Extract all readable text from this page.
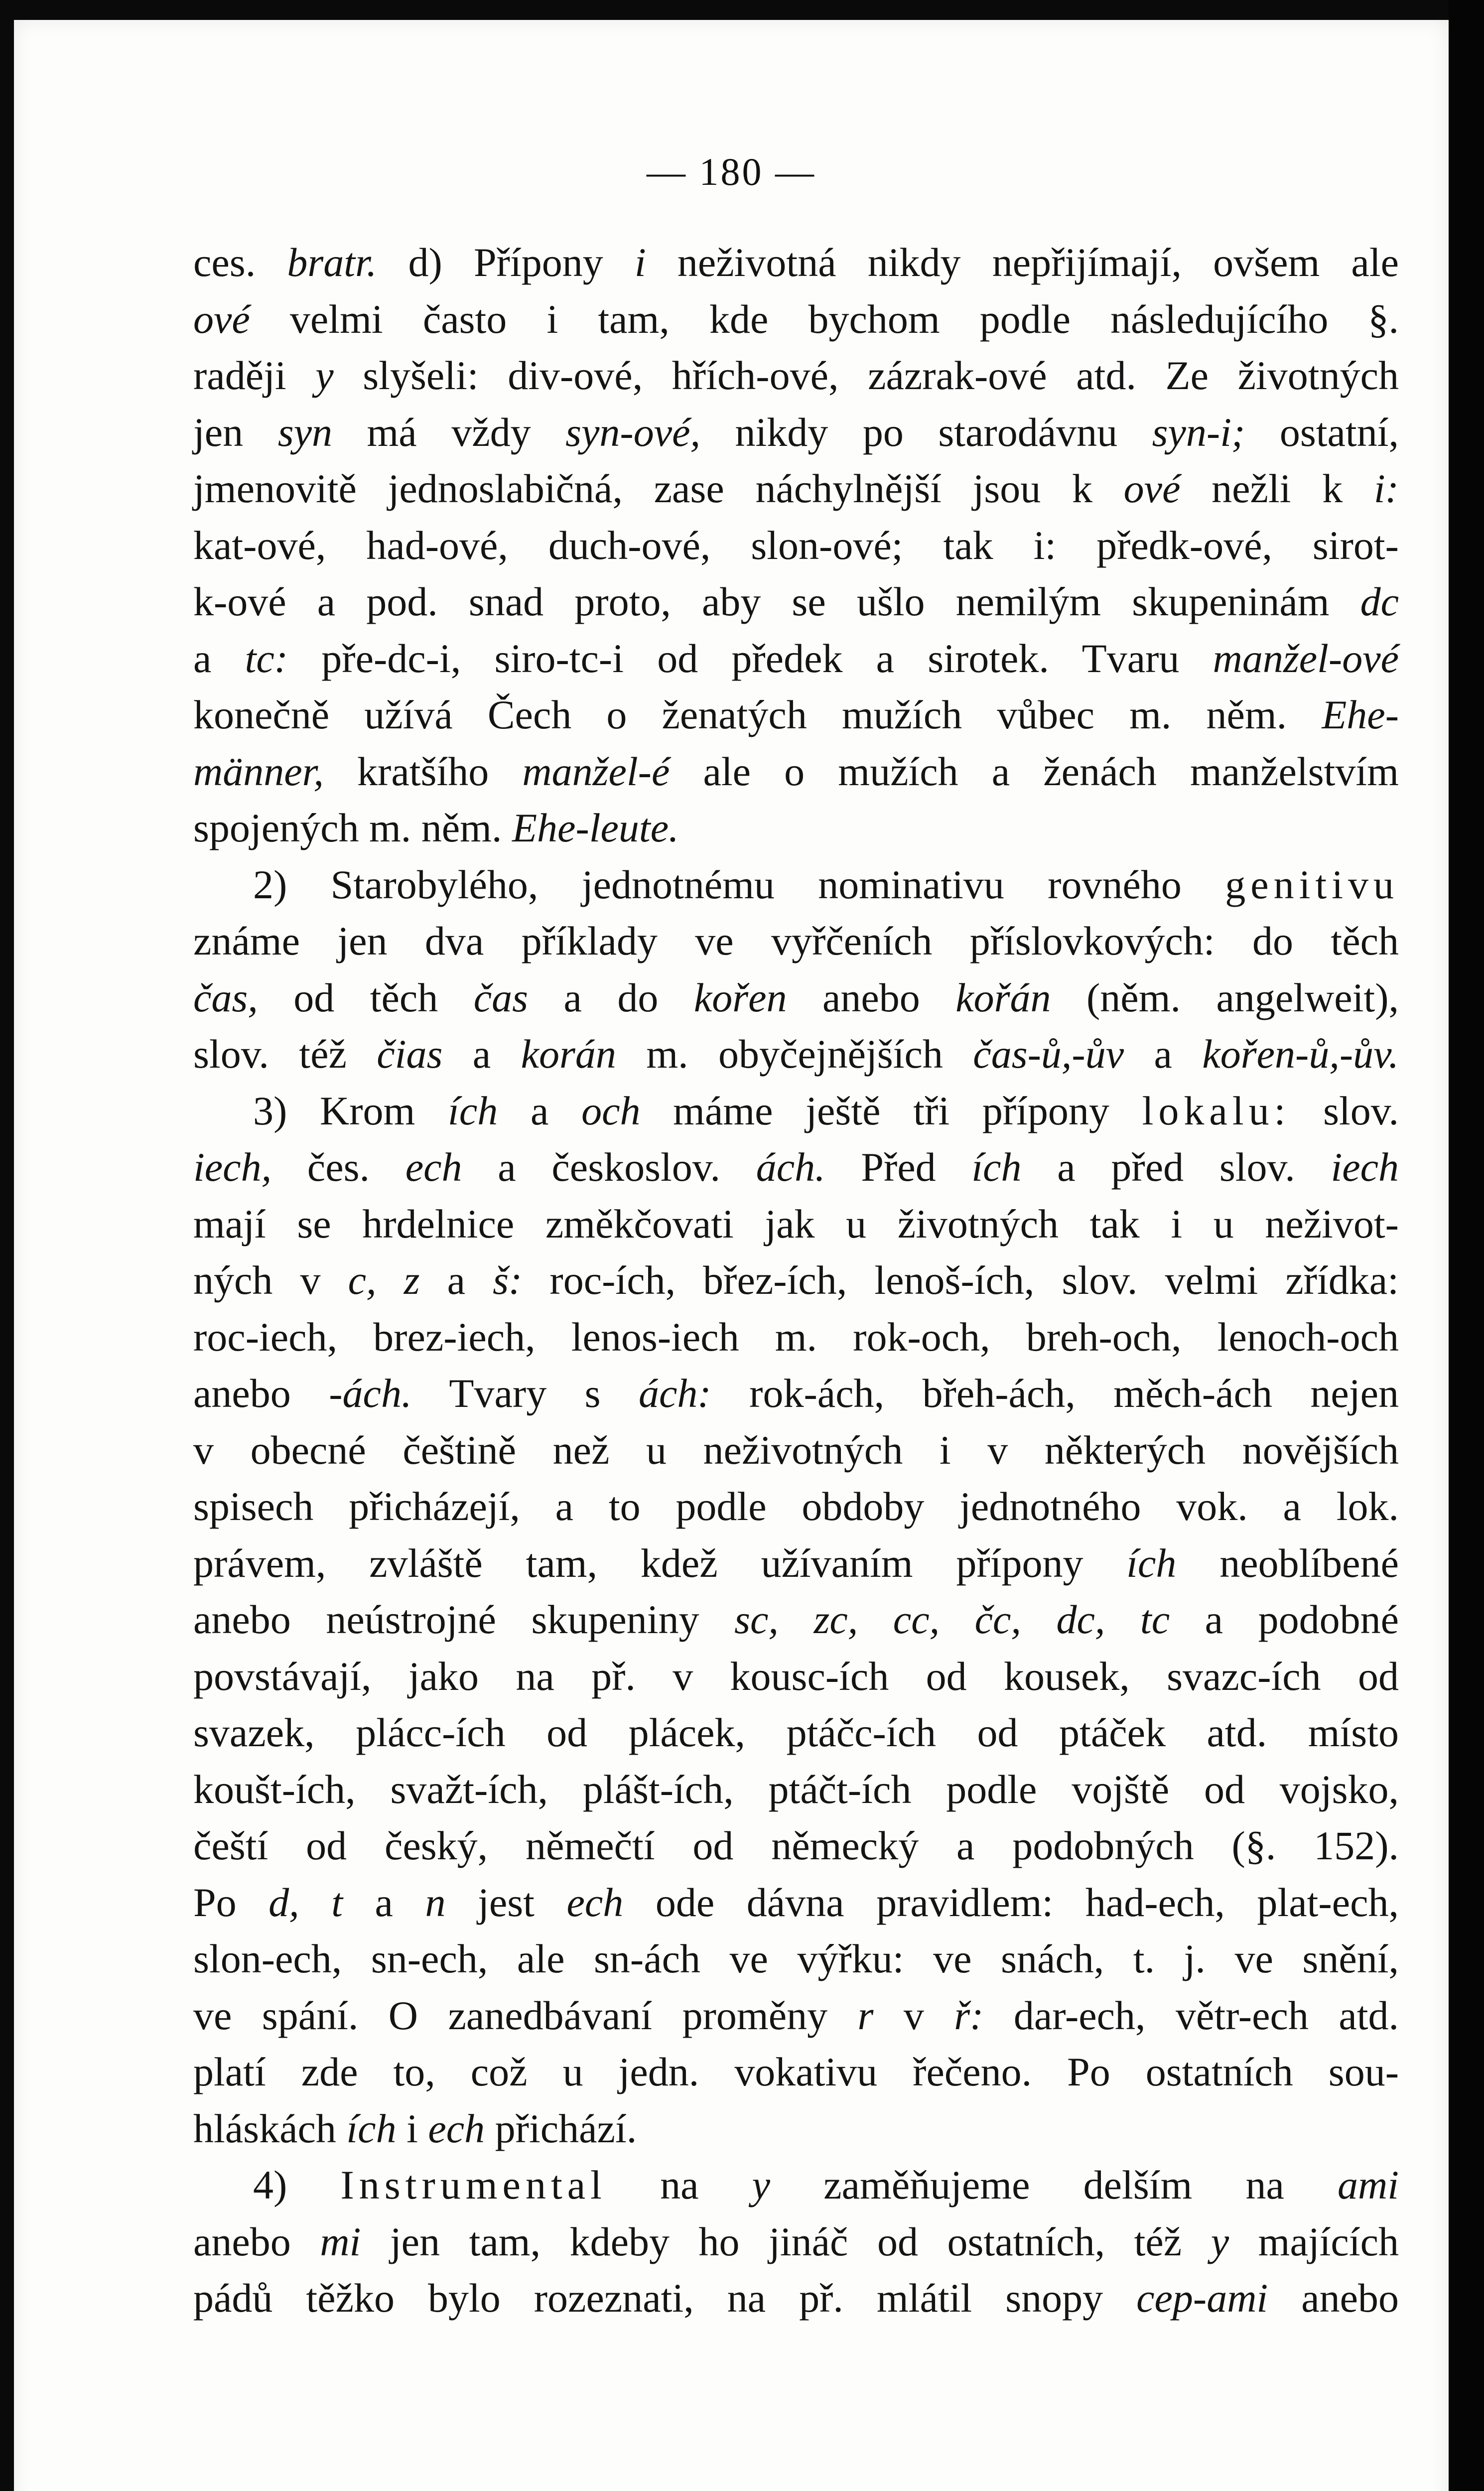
— 180 —
ces. bratr. d) Přípony i neživotná nikdy nepřijímají, ovšem ale
ové velmi často i tam, kde bychom podle následujícího §.
raději y slyšeli: div-ové, hřích-ové, zázrak-ové atd. Ze životných
jen syn má vždy syn-ové, nikdy po starodávnu syn-i; ostatní,
jmenovitě jednoslabičná, zase náchylnější jsou k ové nežli k i:
kat-ové, had-ové, duch-ové, slon-ové; tak i: předk-ové, sirot-
k-ové a pod. snad proto, aby se ušlo nemilým skupeninám dc
a tc: pře-dc-i, siro-tc-i od předek a sirotek. Tvaru manžel-ové
konečně užívá Čech o ženatých mužích vůbec m. něm. Ehe-
männer, kratšího manžel-é ale o mužích a ženách manželstvím
spojených m. něm. Ehe-leute.
2) Starobylého, jednotnému nominativu rovného genitivu
známe jen dva příklady ve vyřčeních příslovkových: do těch
čas, od těch čas a do kořen anebo kořán (něm. angelweit),
slov. též čias a korán m. obyčejnějších čas-ů,-ův a kořen-ů,-ův.
3) Krom ích a och máme ještě tři přípony lokalu: slov.
iech, čes. ech a českoslov. ách. Před ích a před slov. iech
mají se hrdelnice změkčovati jak u životných tak i u neživot-
ných v c, z a š: roc-ích, břez-ích, lenoš-ích, slov. velmi zřídka:
roc-iech, brez-iech, lenos-iech m. rok-och, breh-och, lenoch-och
anebo -ách. Tvary s ách: rok-ách, břeh-ách, měch-ách nejen
v obecné češtině než u neživotných i v některých novějších
spisech přicházejí, a to podle obdoby jednotného vok. a lok.
právem, zvláště tam, kdež užívaním přípony ích neoblíbené
anebo neústrojné skupeniny sc, zc, cc, čc, dc, tc a podobné
povstávají, jako na př. v kousc-ích od kousek, svazc-ích od
svazek, plácc-ích od plácek, ptáčc-ích od ptáček atd. místo
koušt-ích, svažt-ích, plášt-ích, ptáčt-ích podle vojště od vojsko,
čeští od český, němečtí od německý a podobných (§. 152).
Po d, t a n jest ech ode dávna pravidlem: had-ech, plat-ech,
slon-ech, sn-ech, ale sn-ách ve výřku: ve snách, t. j. ve snění,
ve spání. O zanedbávaní proměny r v ř: dar-ech, větr-ech atd.
platí zde to, což u jedn. vokativu řečeno. Po ostatních sou-
hláskách ích i ech přichází.
4) Instrumental na y zaměňujeme delším na ami
anebo mi jen tam, kdeby ho jináč od ostatních, též y majících
pádů těžko bylo rozeznati, na př. mlátil snopy cep-ami anebo
